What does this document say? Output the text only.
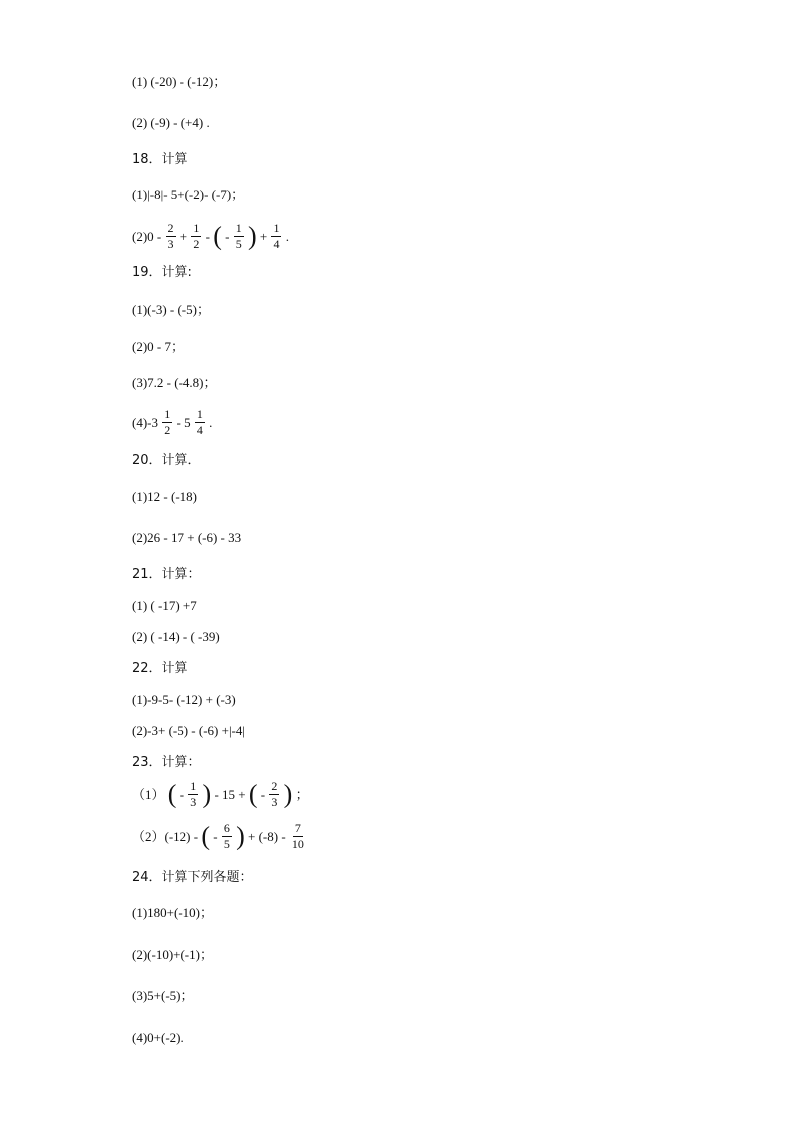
(1) (-20) - (-12)；
(2) (-9) - (+4) .
18．计算
(1)|-8|- 5+(-2)- (-7)；
$(2)0 - \frac{2}{3} + \frac{1}{2}$ - ( - $\frac{1}{5}$ ) + $\frac{1}{4}$ .
19．计算:
(1)(-3) - (-5)；
(2)0 - 7；
(3)7.2 - (-4.8)；
$(4)-3 \frac{1}{2} - 5 \frac{1}{4}$ .
20．计算．
(1)12 - (-18)
(2)26 - 17 + (-6) - 33
21．计算：
(1) ( -17) +7
(2) ( -14) - ( -39)
22．计算
(1)-9-5- (-12) + (-3)
(2)-3+ (-5) - (-6) +|-4|
23．计算：
（1） ( - $\frac{1}{3}$ ) - 15 + ( - $\frac{2}{3}$ ) ；
（2）(-12) - ( - $\frac{6}{5}$ ) + $(-8) - \frac{7}{10}$
24．计算下列各题：
(1)180+(-10)；
(2)(-10)+(-1)；
(3)5+(-5)；
(4)0+(-2).
